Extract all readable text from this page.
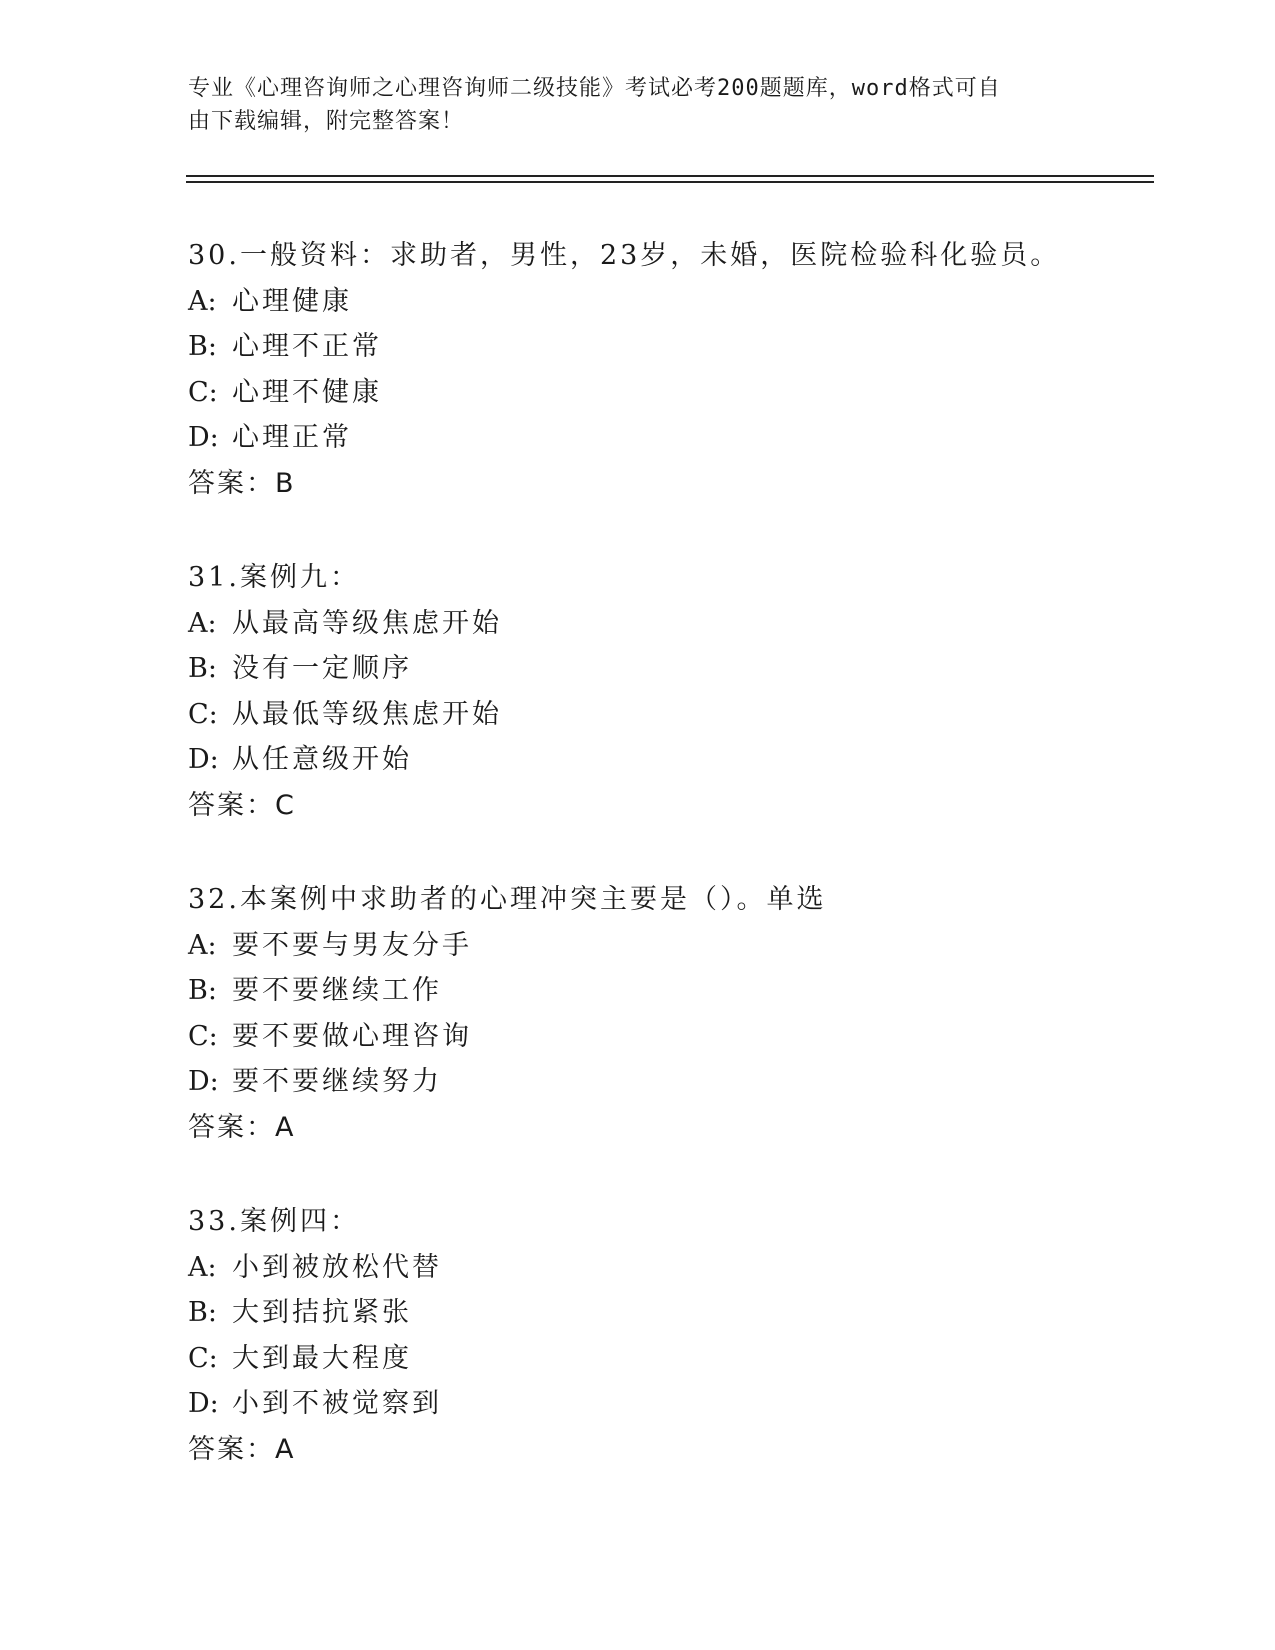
专业《心理咨询师之心理咨询师二级技能》考试必考200题题库，word格式可自
由下载编辑，附完整答案！
30.一般资料：求助者，男性，23岁，未婚，医院检验科化验员。
A: 心理健康
B: 心理不正常
C: 心理不健康
D: 心理正常
答案：B
31.案例九：
A: 从最高等级焦虑开始
B: 没有一定顺序
C: 从最低等级焦虑开始
D: 从任意级开始
答案：C
32.本案例中求助者的心理冲突主要是（）。单选
A: 要不要与男友分手
B: 要不要继续工作
C: 要不要做心理咨询
D: 要不要继续努力
答案：A
33.案例四：
A: 小到被放松代替
B: 大到拮抗紧张
C: 大到最大程度
D: 小到不被觉察到
答案：A
